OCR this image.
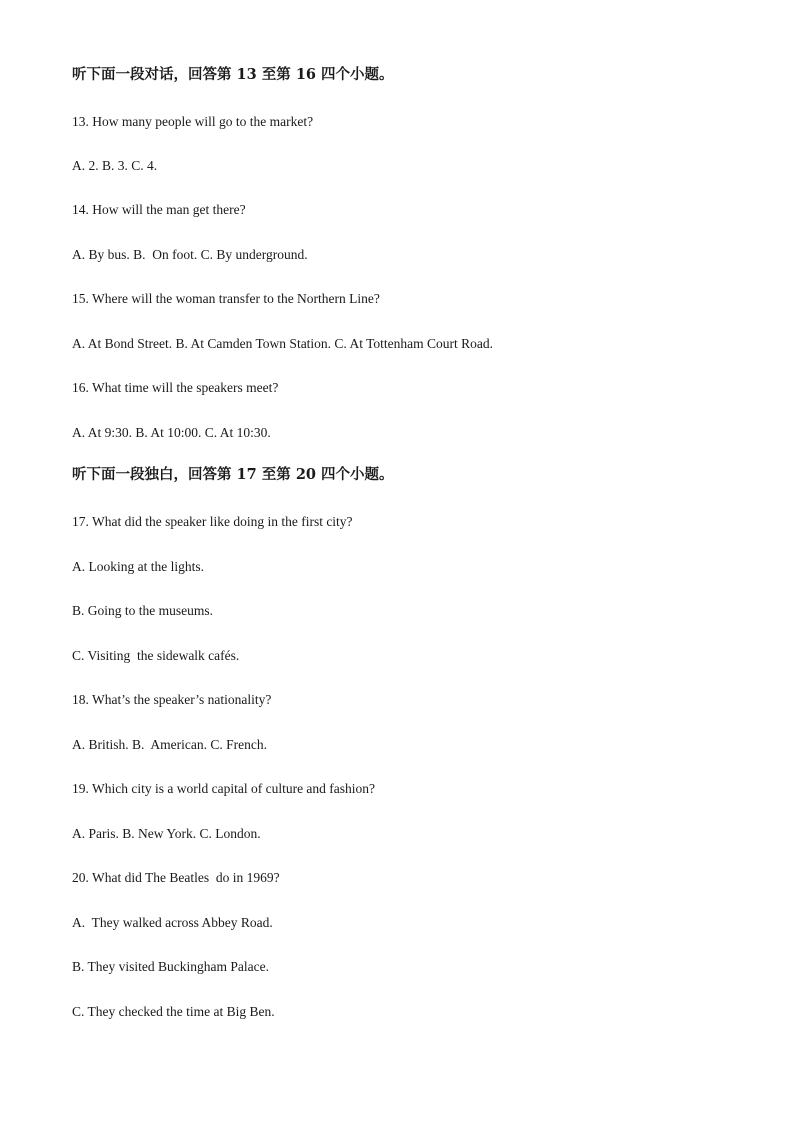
听下面一段对话，回答第 13 至第 16 四个小题。
13. How many people will go to the market?
A. 2. B. 3. C. 4.
14. How will the man get there?
A. By bus. B.  On foot. C. By underground.
15. Where will the woman transfer to the Northern Line?
A. At Bond Street. B. At Camden Town Station. C. At Tottenham Court Road.
16. What time will the speakers meet?
A. At 9:30. B. At 10:00. C. At 10:30.
听下面一段独白，回答第 17 至第 20 四个小题。
17. What did the speaker like doing in the first city?
A. Looking at the lights.
B. Going to the museums.
C. Visiting  the sidewalk cafés.
18. What’s the speaker’s nationality?
A. British. B.  American. C. French.
19. Which city is a world capital of culture and fashion?
A. Paris. B. New York. C. London.
20. What did The Beatles  do in 1969?
A.  They walked across Abbey Road.
B. They visited Buckingham Palace.
C. They checked the time at Big Ben.
